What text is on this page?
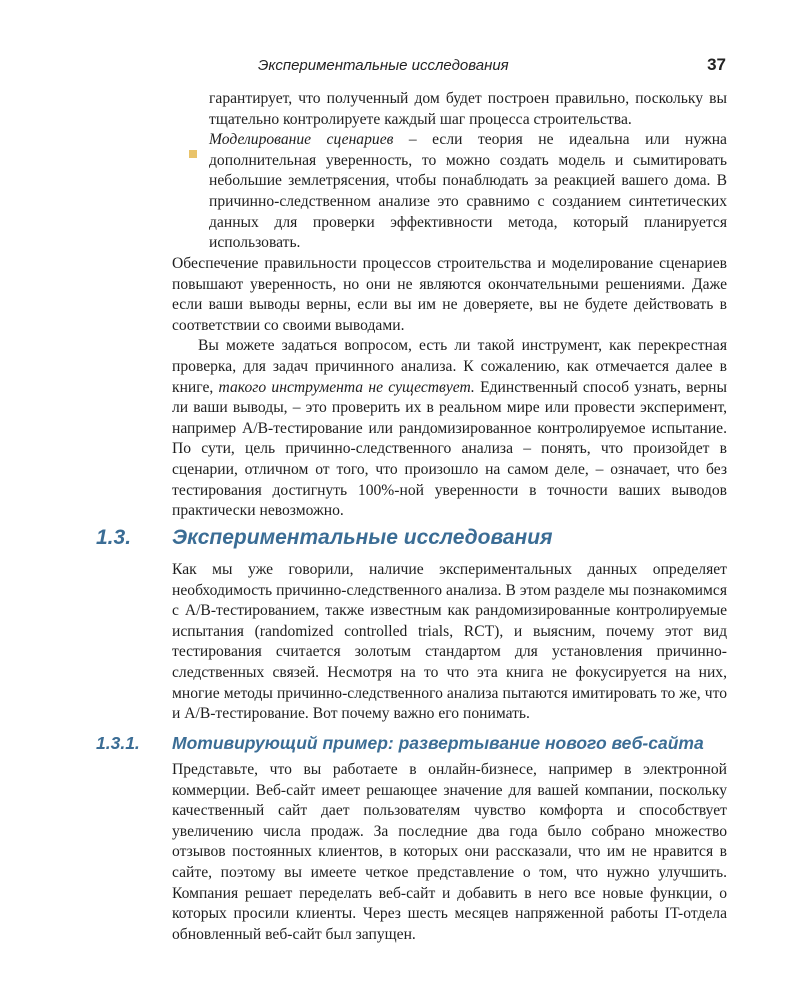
Экспериментальные исследования	37

гарантирует, что полученный дом будет построен правильно, поскольку вы тщательно контролируете каждый шаг процесса строительства.

Моделирование сценариев – если теория не идеальна или нужна дополнительная уверенность, то можно создать модель и сымитировать небольшие землетрясения, чтобы понаблюдать за реакцией вашего дома. В причинно-следственном анализе это сравнимо с созданием синтетических данных для проверки эффективности метода, который планируется использовать.

Обеспечение правильности процессов строительства и моделирование сценариев повышают уверенность, но они не являются окончательными решениями. Даже если ваши выводы верны, если вы им не доверяете, вы не будете действовать в соответствии со своими выводами.

Вы можете задаться вопросом, есть ли такой инструмент, как перекрестная проверка, для задач причинного анализа. К сожалению, как отмечается далее в книге, такого инструмента не существует. Единственный способ узнать, верны ли ваши выводы, – это проверить их в реальном мире или провести эксперимент, например A/B-тестирование или рандомизированное контролируемое испытание. По сути, цель причинно-следственного анализа – понять, что произойдет в сценарии, отличном от того, что произошло на самом деле, – означает, что без тестирования достигнуть 100%-ной уверенности в точности ваших выводов практически невозможно.

1.3. Экспериментальные исследования

Как мы уже говорили, наличие экспериментальных данных определяет необходимость причинно-следственного анализа. В этом разделе мы познакомимся с A/B-тестированием, также известным как рандомизированные контролируемые испытания (randomized controlled trials, RCT), и выясним, почему этот вид тестирования считается золотым стандартом для установления причинно-следственных связей. Несмотря на то что эта книга не фокусируется на них, многие методы причинно-следственного анализа пытаются имитировать то же, что и A/B-тестирование. Вот почему важно его понимать.

1.3.1. Мотивирующий пример: развертывание нового веб-сайта

Представьте, что вы работаете в онлайн-бизнесе, например в электронной коммерции. Веб-сайт имеет решающее значение для вашей компании, поскольку качественный сайт дает пользователям чувство комфорта и способствует увеличению числа продаж. За последние два года было собрано множество отзывов постоянных клиентов, в которых они рассказали, что им не нравится в сайте, поэтому вы имеете четкое представление о том, что нужно улучшить. Компания решает переделать веб-сайт и добавить в него все новые функции, о которых просили клиенты. Через шесть месяцев напряженной работы IT-отдела обновленный веб-сайт был запущен.
